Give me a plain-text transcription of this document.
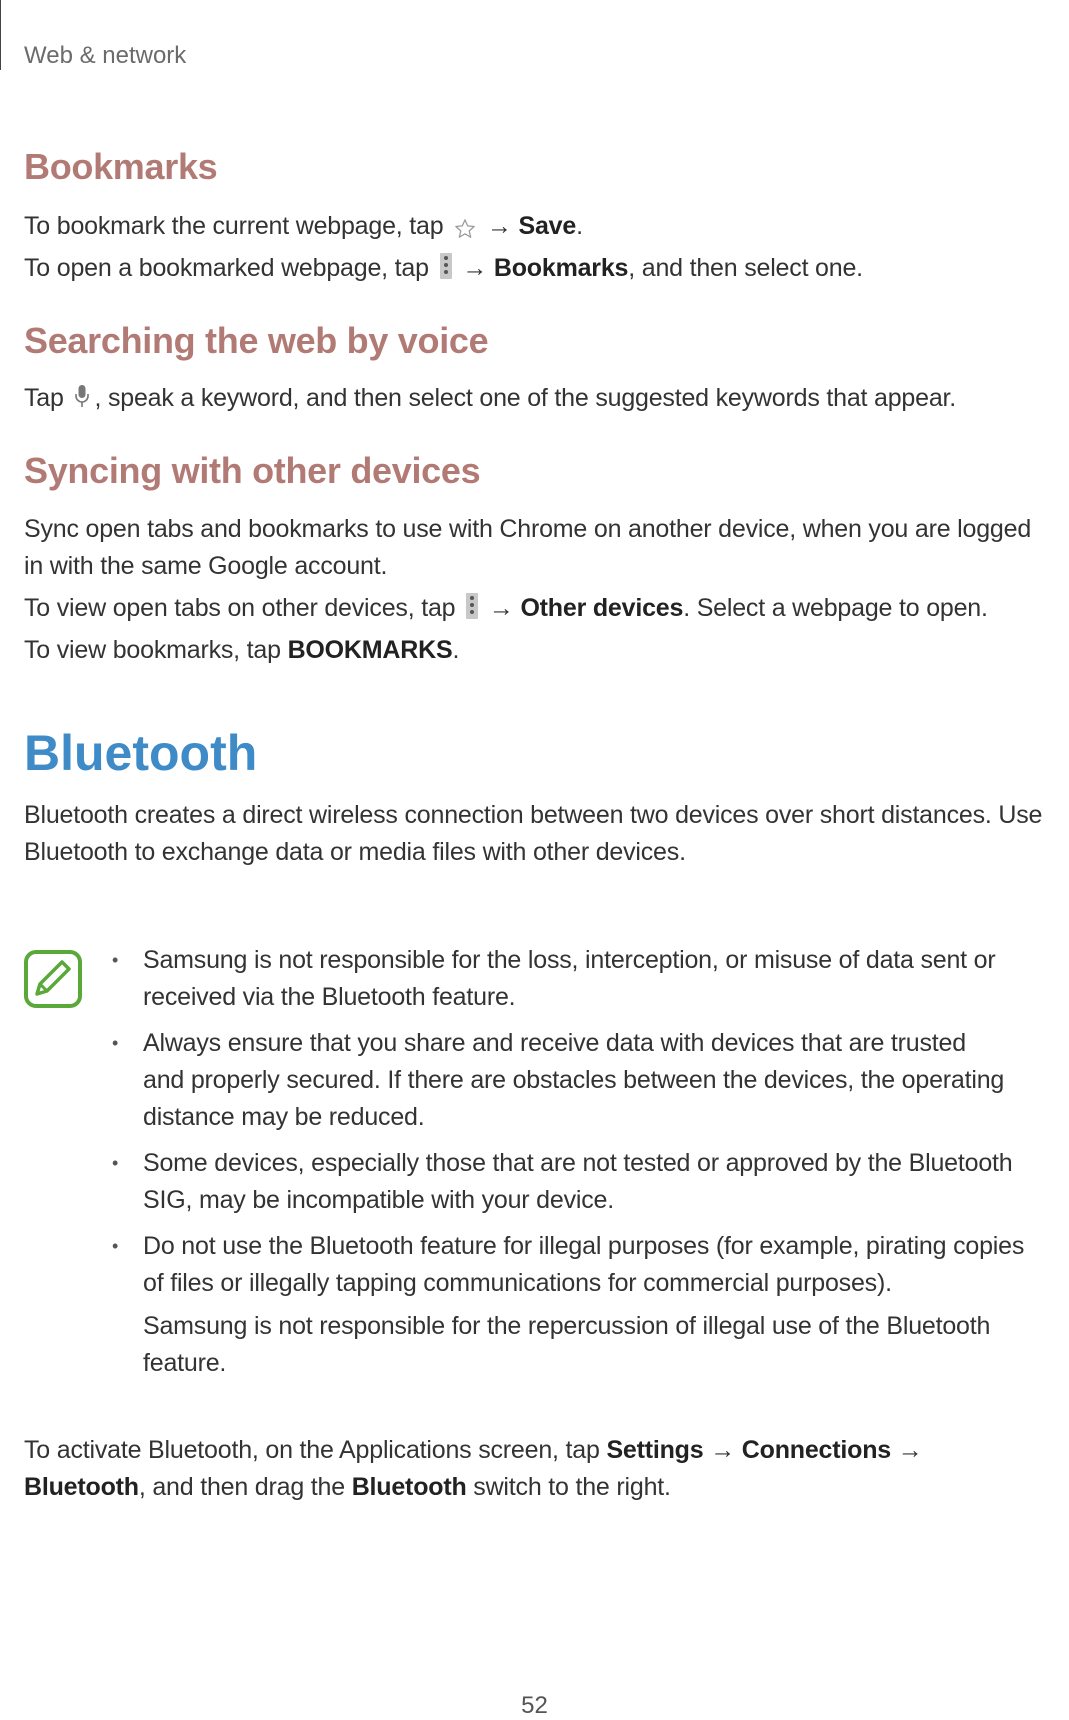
Web & network
Bookmarks
To bookmark the current webpage, tap → Save.
To open a bookmarked webpage, tap → Bookmarks, and then select one.
Searching the web by voice
Tap , speak a keyword, and then select one of the suggested keywords that appear.
Syncing with other devices
Sync open tabs and bookmarks to use with Chrome on another device, when you are logged
in with the same Google account.
To view open tabs on other devices, tap → Other devices. Select a webpage to open.
To view bookmarks, tap BOOKMARKS.
Bluetooth
Bluetooth creates a direct wireless connection between two devices over short distances. Use
Bluetooth to exchange data or media files with other devices.
• Samsung is not responsible for the loss, interception, or misuse of data sent or
received via the Bluetooth feature.
• Always ensure that you share and receive data with devices that are trusted
and properly secured. If there are obstacles between the devices, the operating
distance may be reduced.
• Some devices, especially those that are not tested or approved by the Bluetooth
SIG, may be incompatible with your device.
• Do not use the Bluetooth feature for illegal purposes (for example, pirating copies
of files or illegally tapping communications for commercial purposes).
Samsung is not responsible for the repercussion of illegal use of the Bluetooth
feature.
To activate Bluetooth, on the Applications screen, tap Settings → Connections →
Bluetooth, and then drag the Bluetooth switch to the right.
52
